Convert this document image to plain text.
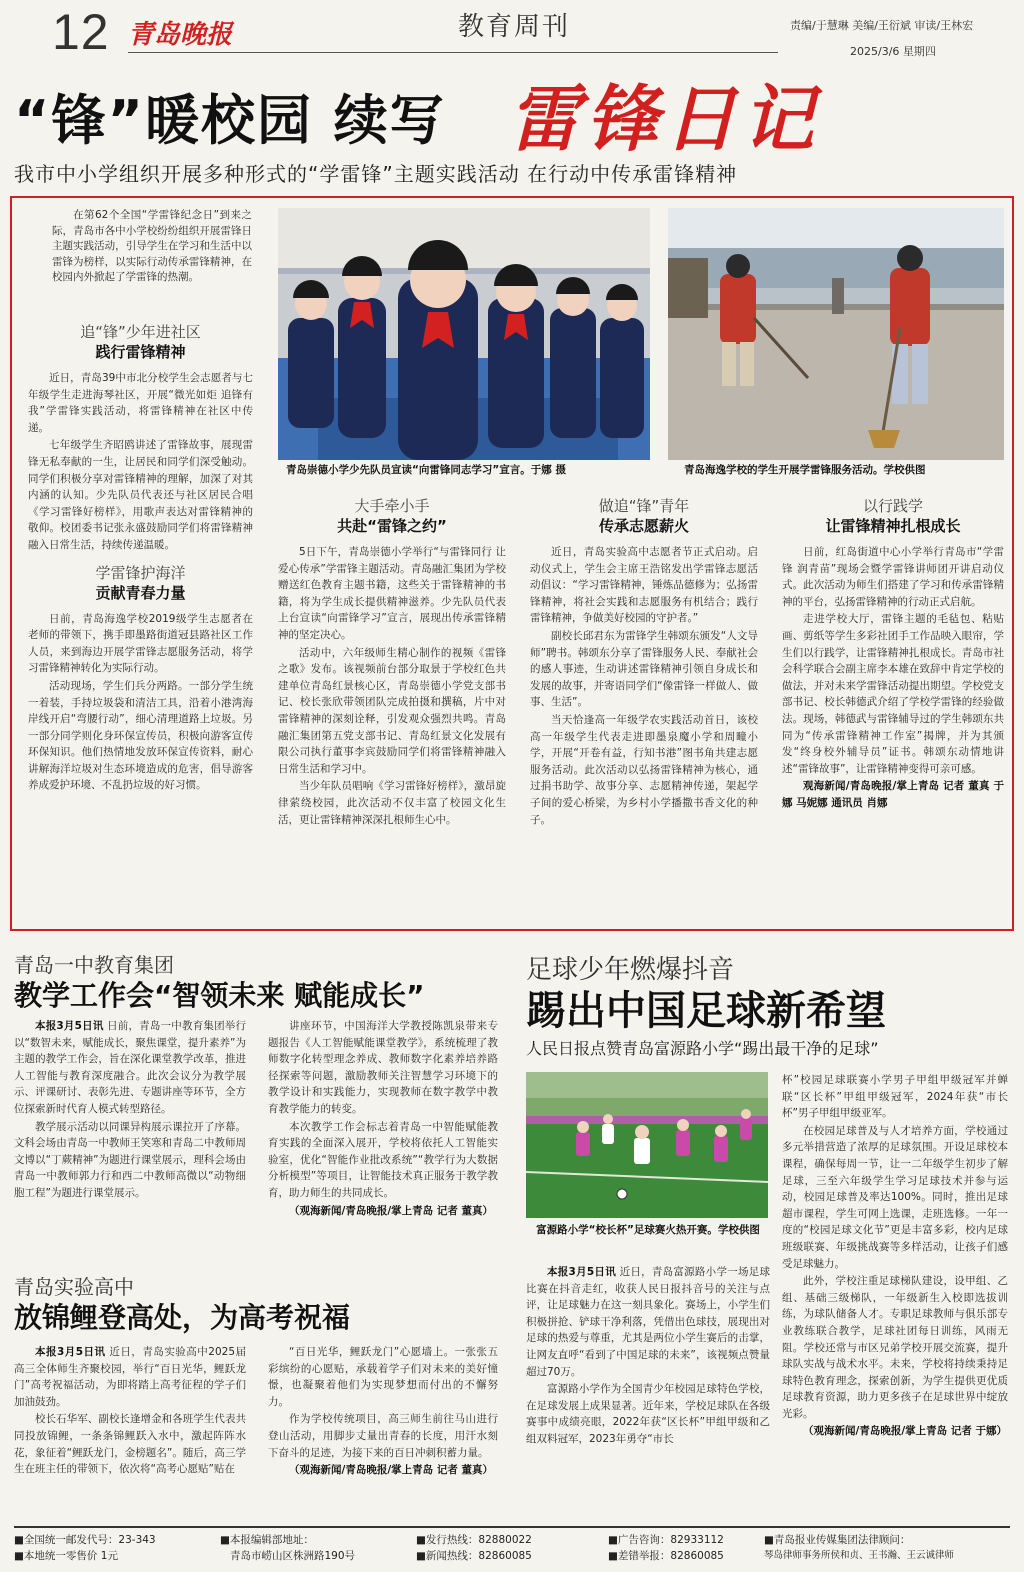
12 青岛晚报	教育周刊	责编/于慧琳 美编/王衍斌 审读/王林宏
2025/3/6 星期四
“锋”暖校园 续写 雷锋日记
我市中小学组织开展多种形式的“学雷锋”主题实践活动 在行动中传承雷锋精神

在第62个全国“学雷锋纪念日”到来之际，青岛市各中小学校纷纷组织开展雷锋日主题实践活动，引导学生在学习和生活中以雷锋为榜样，以实际行动传承雷锋精神，在校园内外掀起了学雷锋的热潮。

追“锋”少年进社区
践行雷锋精神

近日，青岛39中市北分校学生会志愿者与七年级学生走进海琴社区，开展“微光如炬 追锋有我”学雷锋实践活动，将雷锋精神在社区中传递。

七年级学生齐昭鸥讲述了雷锋故事，展现雷锋无私奉献的一生，让居民和同学们深受触动。同学们积极分享对雷锋精神的理解，加深了对其内涵的认知。少先队员代表还与社区居民合唱《学习雷锋好榜样》，用歌声表达对雷锋精神的敬仰。校团委书记张永盛鼓励同学们将雷锋精神融入日常生活，持续传递温暖。

学雷锋护海洋
贡献青春力量

日前，青岛海逸学校2019级学生志愿者在老师的带领下，携手即墨路街道冠县路社区工作人员，来到海边开展学雷锋志愿服务活动，将学习雷锋精神转化为实际行动。

活动现场，学生们兵分两路。一部分学生统一着装，手持垃圾袋和清洁工具，沿着小港湾海岸线开启“弯腰行动”，细心清理道路上垃圾。另一部分同学则化身环保宣传员，积极向游客宣传环保知识。他们热情地发放环保宣传资料，耐心讲解海洋垃圾对生态环境造成的危害，倡导游客养成爱护环境、不乱扔垃圾的好习惯。

青岛崇德小学少先队员宣读“向雷锋同志学习”宣言。于娜 摄	青岛海逸学校的学生开展学雷锋服务活动。学校供图
大手牵小手
共赴“雷锋之约”

5日下午，青岛崇德小学举行“与雷锋同行 让爱心传承”学雷锋主题活动。青岛融汇集团为学校赠送红色教育主题书籍，这些关于雷锋精神的书籍，将为学生成长提供精神滋养。少先队员代表上台宣读“向雷锋学习”宣言，展现出传承雷锋精神的坚定决心。

活动中，六年级师生精心制作的视频《雷锋之歌》发布。该视频前台部分取景于学校红色共建单位青岛红景核心区，青岛崇德小学党支部书记、校长张欣带领团队完成拍摄和撰稿，片中对雷锋精神的深刻诠释，引发观众强烈共鸣。青岛融汇集团第五党支部书记、青岛红景文化发展有限公司执行董事李宾鼓励同学们将雷锋精神融入日常生活和学习中。

当少年队员唱响《学习雷锋好榜样》，激昂旋律萦绕校园，此次活动不仅丰富了校园文化生活，更让雷锋精神深深扎根师生心中。

做追“锋”青年
传承志愿薪火

近日，青岛实验高中志愿者节正式启动。启动仪式上，学生会主席王浩铭发出学雷锋志愿活动倡议：“学习雷锋精神，锤炼品德修为；弘扬雷锋精神，将社会实践和志愿服务有机结合；践行雷锋精神，争做美好校园的守护者。”

副校长邱君东为雷锋学生韩颂东颁发“人文导师”聘书。韩颂东分享了雷锋服务人民、奉献社会的感人事迹，生动讲述雷锋精神引领自身成长和发展的故事，并寄语同学们“像雷锋一样做人、做事、生活”。

当天恰逢高一年级学农实践活动首日，该校高一年级学生代表走进即墨泉魔小学和周疃小学，开展“开卷有益，行知书港”图书角共建志愿服务活动。此次活动以弘扬雷锋精神为核心，通过捐书助学、故事分享、志愿精神传递，架起学子间的爱心桥梁，为乡村小学播撒书香文化的种子。

以行践学
让雷锋精神扎根成长

日前，红岛街道中心小学举行青岛市“学雷锋 润青苗”现场会暨学雷锋讲师团开讲启动仪式。此次活动为师生们搭建了学习和传承雷锋精神的平台，弘扬雷锋精神的行动正式启航。

走进学校大厅，雷锋主题的毛毡包、粘贴画、剪纸等学生多彩社团手工作品映入眼帘，学生们以行践学，让雷锋精神扎根成长。青岛市社会科学联合会副主席李本雄在致辞中肯定学校的做法，并对未来学雷锋活动提出期望。学校党支部书记、校长韩德武介绍了学校学雷锋的经验做法。现场，韩德武与雷锋辅导过的学生韩颂东共同为“传承雷锋精神工作室”揭牌，并为其颁发“终身校外辅导员”证书。韩颂东动情地讲述“雷锋故事”，让雷锋精神变得可亲可感。

观海新闻/青岛晚报/掌上青岛 记者 董真 于娜 马妮娜 通讯员 肖娜

青岛一中教育集团
教学工作会“智领未来 赋能成长”

本报3月5日讯 日前，青岛一中教育集团举行以“数智未来，赋能成长，聚焦课堂，提升素养”为主题的教学工作会，旨在深化课堂教学改革，推进人工智能与教育深度融合。此次会议分为教学展示、评课研讨、表彰先进、专题讲座等环节，全方位探索新时代育人模式转型路径。

教学展示活动以同课异构展示课拉开了序幕。文科会场由青岛一中教师王笑寒和青岛二中教师周文博以“丁蕨精神”为题进行课堂展示，理科会场由青岛一中教师郭力行和西二中教师高微以“动物细胞工程”为题进行课堂展示。

讲座环节，中国海洋大学教授陈凯泉带来专题报告《人工智能赋能课堂教学》，系统梳理了教师数字化转型理念养成、教师数字化素养培养路径探索等问题，激励教师关注智慧学习环境下的教学设计和实践能力，实现教师在数字教学中教育教学能力的转变。

本次教学工作会标志着青岛一中智能赋能教育实践的全面深入展开，学校将依托人工智能实验室，优化“智能作业批改系统”“教学行为大数据分析模型”等项目，让智能技术真正服务于教学教育，助力师生的共同成长。

（观海新闻/青岛晚报/掌上青岛 记者 董真）

青岛实验高中
放锦鲤登高处，为高考祝福

本报3月5日讯 近日，青岛实验高中2025届高三全体师生齐聚校园，举行“百日光华，鲤跃龙门”高考祝福活动，为即将踏上高考征程的学子们加油鼓劲。

校长石华军、副校长逢增金和各班学生代表共同投放锦鲤，一条条锦鲤跃入水中，激起阵阵水花，象征着“鲤跃龙门，金榜题名”。随后，高三学生在班主任的带领下，依次将“高考心愿贴”贴在

“百日光华，鲤跃龙门”心愿墙上。一张张五彩缤纷的心愿贴，承载着学子们对未来的美好憧憬，也凝聚着他们为实现梦想而付出的不懈努力。

作为学校传统项目，高三师生前往马山进行登山活动，用脚步丈量出青春的长度，用汗水刻下奋斗的足迹，为接下来的百日冲刺积蓄力量。

（观海新闻/青岛晚报/掌上青岛 记者 董真）

足球少年燃爆抖音
踢出中国足球新希望
人民日报点赞青岛富源路小学“踢出最干净的足球”
富源路小学“校长杯”足球赛火热开赛。学校供图

本报3月5日讯 近日，青岛富源路小学一场足球比赛在抖音走红，收获人民日报抖音号的关注与点评，让足球魅力在这一刻具象化。赛场上，小学生们积极拼抢、铲球干净利落，凭借出色球技，展现出对足球的热爱与尊重，尤其是两位小学生赛后的击掌，让网友直呼“看到了中国足球的未来”，该视频点赞量超过70万。

富源路小学作为全国青少年校园足球特色学校，在足球发展上成果显著。近年来，学校足球队在各级赛事中成绩亮眼，2022年获“区长杯”甲组甲级和乙组双料冠军，2023年勇夺“市长

杯”校园足球联赛小学男子甲组甲级冠军并蝉联“区长杯”甲组甲级冠军，2024年获“市长杯”男子甲组甲级亚军。

在校园足球普及与人才培养方面，学校通过多元举措营造了浓厚的足球氛围。开设足球校本课程，确保每周一节，让一二年级学生初步了解足球，三至六年级学生学习足球技术并参与运动，校园足球普及率达100%。同时，推出足球超市课程，学生可网上选课，走班选修。一年一度的“校园足球文化节”更是丰富多彩，校内足球班级联赛、年级挑战赛等多样活动，让孩子们感受足球魅力。

此外，学校注重足球梯队建设，设甲组、乙组、基础三级梯队，一年级新生入校即选拔训练，为球队储备人才。专职足球教师与俱乐部专业教练联合教学，足球社团每日训练，风雨无阻。学校还常与市区兄弟学校开展交流赛，提升球队实战与战术水平。未来，学校将持续秉持足球特色教育理念，探索创新，为学生提供更优质足球教育资源，助力更多孩子在足球世界中绽放光彩。

（观海新闻/青岛晚报/掌上青岛 记者 于娜）

■全国统一邮发代号：23-343
■本地统一零售价 1元
■本报编辑部地址：
青岛市崂山区株洲路190号
■发行热线：82880022
■新闻热线：82860085
■广告咨询：82933112
■差错举报：82860085
■青岛报业传媒集团法律顾问：
琴岛律师事务所侯和贞、王书瀚、王云诚律师
